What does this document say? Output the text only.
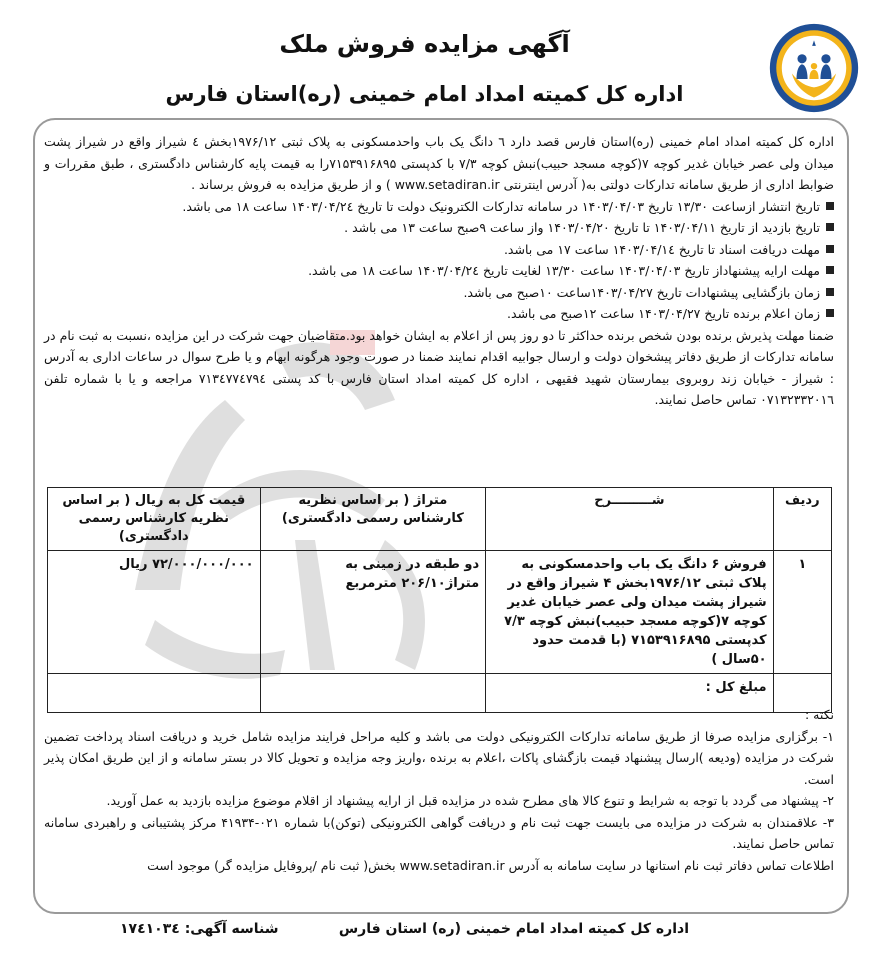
آگهی مزایده فروش ملک
اداره کل کمیته امداد امام خمینی (ره)استان فارس

اداره کل کمیته امداد امام خمینی (ره)استان فارس قصد دارد ٦ دانگ یک باب واحدمسکونی به پلاک ثبتی ۱۹۷۶/۱۲بخش ٤ شیراز واقع در شیراز پشت میدان ولی عصر خیابان غدیر کوچه ۷(کوچه مسجد حبیب)نبش کوچه ۷/۳ با کدپستی ۷۱۵۳۹۱۶۸۹۵را به قیمت پایه کارشناس دادگستری ، طبق مقررات و ضوابط اداری از طریق سامانه تدارکات دولتی به( آدرس اینترنتی www.setadiran.ir ) و از طریق مزایده به فروش برساند .

تاریخ انتشار ازساعت ۱۳/۳۰ تاریخ ۱۴۰۳/۰۴/۰۳ در سامانه تدارکات الکترونیک دولت تا تاریخ ۱۴۰۳/۰۴/۲٤ ساعت ۱۸ می باشد.
تاریخ بازدید از تاریخ ۱۴۰۳/۰۴/۱۱ تا تاریخ ۱۴۰۳/۰۴/۲۰ واز ساعت ۹صبح ساعت ۱۳ می باشد .
مهلت دریافت اسناد تا تاریخ ۱۴۰۳/۰۴/۱٤ ساعت ۱۷ می باشد.
مهلت ارایه پیشنهاداز تاریخ ۱۴۰۳/۰۴/۰۳ ساعت ۱۳/۳۰ لغایت تاریخ ۱۴۰۳/۰۴/۲٤ ساعت ۱۸ می باشد.
زمان بازگشایی پیشنهادات تاریخ ۱۴۰۳/۰۴/۲۷ساعت ۱۰صبح می باشد.
زمان اعلام برنده تاریخ ۱۴۰۳/۰۴/۲۷ ساعت ۱۲صبح می باشد.

ضمنا مهلت پذیرش برنده بودن شخص برنده حداکثر تا دو روز پس از اعلام به ایشان خواهد بود.متقاضیان جهت شرکت در این مزایده ،نسبت به ثبت نام در سامانه تدارکات از طریق دفاتر پیشخوان دولت و ارسال جوابیه اقدام نمایند ضمنا در صورت وجود هرگونه ابهام و یا طرح سوال در ساعات اداری به آدرس : شیراز - خیابان زند روبروی بیمارستان شهید فقیهی ، اداره کل کمیته امداد استان فارس با کد پستی ۷۱۳٤۷۷٤۷۹٤ مراجعه و یا با شماره تلفن ۰۷۱۳۲۳۳۲۰۱٦ تماس حاصل نمایند.

ردیف	شـــــــــرح	متراژ ( بر اساس نظریه کارشناس رسمی دادگستری)	قیمت کل به ریال ( بر اساس نظریه کارشناس رسمی دادگستری)
۱	فروش ۶ دانگ یک باب واحدمسکونی به پلاک ثبتی ۱۹۷۶/۱۲بخش ۴ شیراز واقع در شیراز پشت میدان ولی عصر خیابان غدیر کوچه ۷(کوچه مسجد حبیب)نبش کوچه ۷/۳ کدپستی ۷۱۵۳۹۱۶۸۹۵ (با قدمت حدود ۵۰سال )	دو طبقه در زمینی به متراژ۲۰۶/۱۰ مترمربع	۷۲/۰۰۰/۰۰۰/۰۰۰ ریال
	مبلغ کل :		

نکته :

۱- برگزاری مزایده صرفا از طریق سامانه تدارکات الکترونیکی دولت می باشد و کلیه مراحل فرایند مزایده شامل خرید و دریافت اسناد پرداخت تضمین شرکت در مزایده (ودیعه )ارسال پیشنهاد قیمت بازگشای پاکات ،اعلام به برنده ،واریز وجه مزایده و تحویل کالا در بستر سامانه و از این طریق امکان پذیر است.

۲- پیشنهاد می گردد با توجه به شرایط و تنوع کالا های مطرح شده در مزایده قبل از ارایه پیشنهاد از اقلام موضوع مزایده بازدید به عمل آورید.

۳- علاقمندان به شرکت در مزایده می بایست جهت ثبت نام و دریافت گواهی الکترونیکی (توکن)با شماره ۰۲۱-۴۱۹۳۴ مرکز پشتیبانی و راهبردی سامانه تماس حاصل نمایند.

اطلاعات تماس دفاتر ثبت نام استانها در سایت سامانه به آدرس www.setadiran.ir بخش( ثبت نام /پروفایل مزایده گر) موجود است

اداره کل کمیته امداد امام خمینی (ره) استان فارس
شناسه آگهی: ۱۷٤۱۰۳٤
